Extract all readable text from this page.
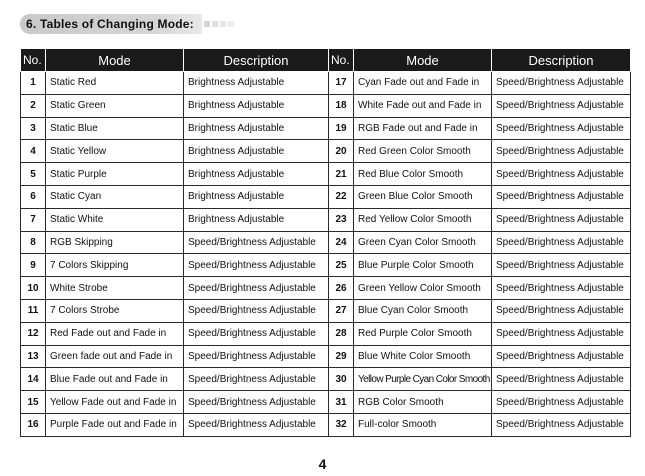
6. Tables of Changing Mode:
No.	Mode	Description	No.	Mode	Description
1	Static Red	Brightness Adjustable	17	Cyan Fade out and Fade in	Speed/Brightness Adjustable
2	Static Green	Brightness Adjustable	18	White Fade out and Fade in	Speed/Brightness Adjustable
3	Static Blue	Brightness Adjustable	19	RGB Fade out and Fade in	Speed/Brightness Adjustable
4	Static Yellow	Brightness Adjustable	20	Red Green Color Smooth	Speed/Brightness Adjustable
5	Static Purple	Brightness Adjustable	21	Red Blue Color Smooth	Speed/Brightness Adjustable
6	Static Cyan	Brightness Adjustable	22	Green Blue Color Smooth	Speed/Brightness Adjustable
7	Static White	Brightness Adjustable	23	Red Yellow Color Smooth	Speed/Brightness Adjustable
8	RGB Skipping	Speed/Brightness Adjustable	24	Green Cyan Color Smooth	Speed/Brightness Adjustable
9	7 Colors Skipping	Speed/Brightness Adjustable	25	Blue Purple Color Smooth	Speed/Brightness Adjustable
10	White Strobe	Speed/Brightness Adjustable	26	Green Yellow Color Smooth	Speed/Brightness Adjustable
11	7 Colors Strobe	Speed/Brightness Adjustable	27	Blue Cyan Color Smooth	Speed/Brightness Adjustable
12	Red Fade out and Fade in	Speed/Brightness Adjustable	28	Red Purple Color Smooth	Speed/Brightness Adjustable
13	Green fade out and Fade in	Speed/Brightness Adjustable	29	Blue White Color Smooth	Speed/Brightness Adjustable
14	Blue Fade out and Fade in	Speed/Brightness Adjustable	30	Yellow Purple Cyan Color Smooth	Speed/Brightness Adjustable
15	Yellow Fade out and Fade in	Speed/Brightness Adjustable	31	RGB Color Smooth	Speed/Brightness Adjustable
16	Purple Fade out and Fade in	Speed/Brightness Adjustable	32	Full-color Smooth	Speed/Brightness Adjustable
4
